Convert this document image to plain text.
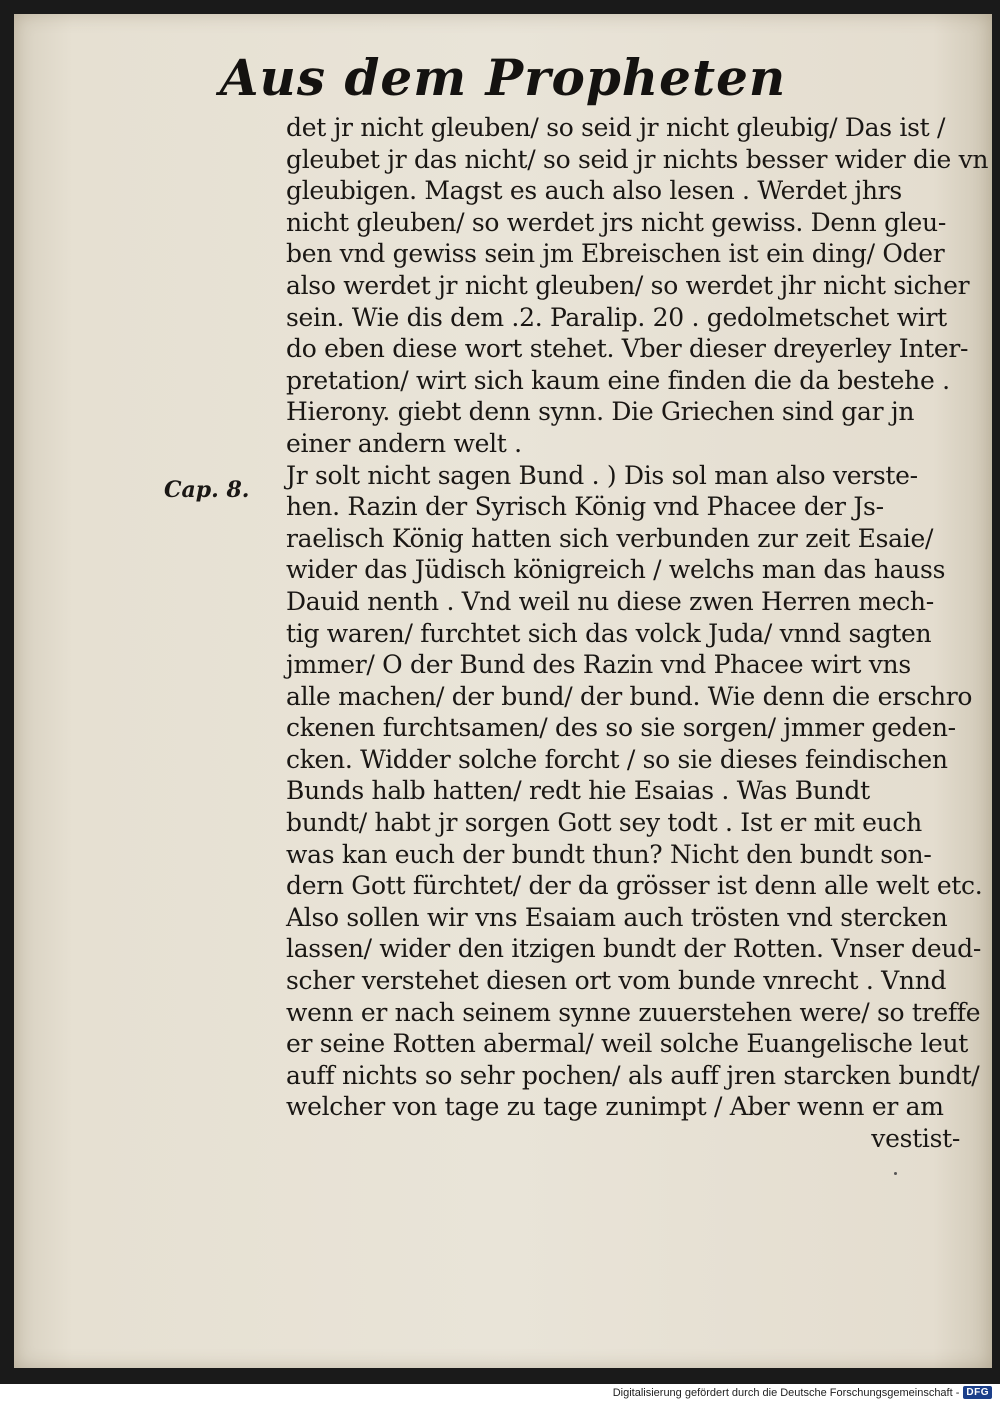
Aus dem Propheten
Cap. 8.
det jr nicht gleuben/ so seid jr nicht gleubig/ Das ist /
gleubet jr das nicht/ so seid jr nichts besser wider die vn
gleubigen. Magst es auch also lesen . Werdet jhrs
nicht gleuben/ so werdet jrs nicht gewiss. Denn gleu-
ben vnd gewiss sein jm Ebreischen ist ein ding/ Oder
also werdet jr nicht gleuben/ so werdet jhr nicht sicher
sein. Wie dis dem .2. Paralip. 20 . gedolmetschet wirt
do eben diese wort stehet. Vber dieser dreyerley Inter-
pretation/ wirt sich kaum eine finden die da bestehe .
Hierony. giebt denn synn. Die Griechen sind gar jn
einer andern welt .
Jr solt nicht sagen Bund . ) Dis sol man also verste-
hen. Razin der Syrisch König vnd Phacee der Js-
raelisch König hatten sich verbunden zur zeit Esaie/
wider das Jüdisch königreich / welchs man das hauss
Dauid nenth . Vnd weil nu diese zwen Herren mech-
tig waren/ furchtet sich das volck Juda/ vnnd sagten
jmmer/ O der Bund des Razin vnd Phacee wirt vns
alle machen/ der bund/ der bund. Wie denn die erschro
ckenen furchtsamen/ des so sie sorgen/ jmmer geden-
cken. Widder solche forcht / so sie dieses feindischen
Bunds halb hatten/ redt hie Esaias . Was Bundt
bundt/ habt jr sorgen Gott sey todt . Ist er mit euch
was kan euch der bundt thun? Nicht den bundt son-
dern Gott fürchtet/ der da grösser ist denn alle welt etc.
Also sollen wir vns Esaiam auch trösten vnd stercken
lassen/ wider den itzigen bundt der Rotten. Vnser deud-
scher verstehet diesen ort vom bunde vnrecht . Vnnd
wenn er nach seinem synne zuuerstehen were/ so treffe
er seine Rotten abermal/ weil solche Euangelische leut
auff nichts so sehr pochen/ als auff jren starcken bundt/
welcher von tage zu tage zunimpt / Aber wenn er am
vestist-
Digitalisierung gefördert durch die Deutsche Forschungsgemeinschaft - DFG
